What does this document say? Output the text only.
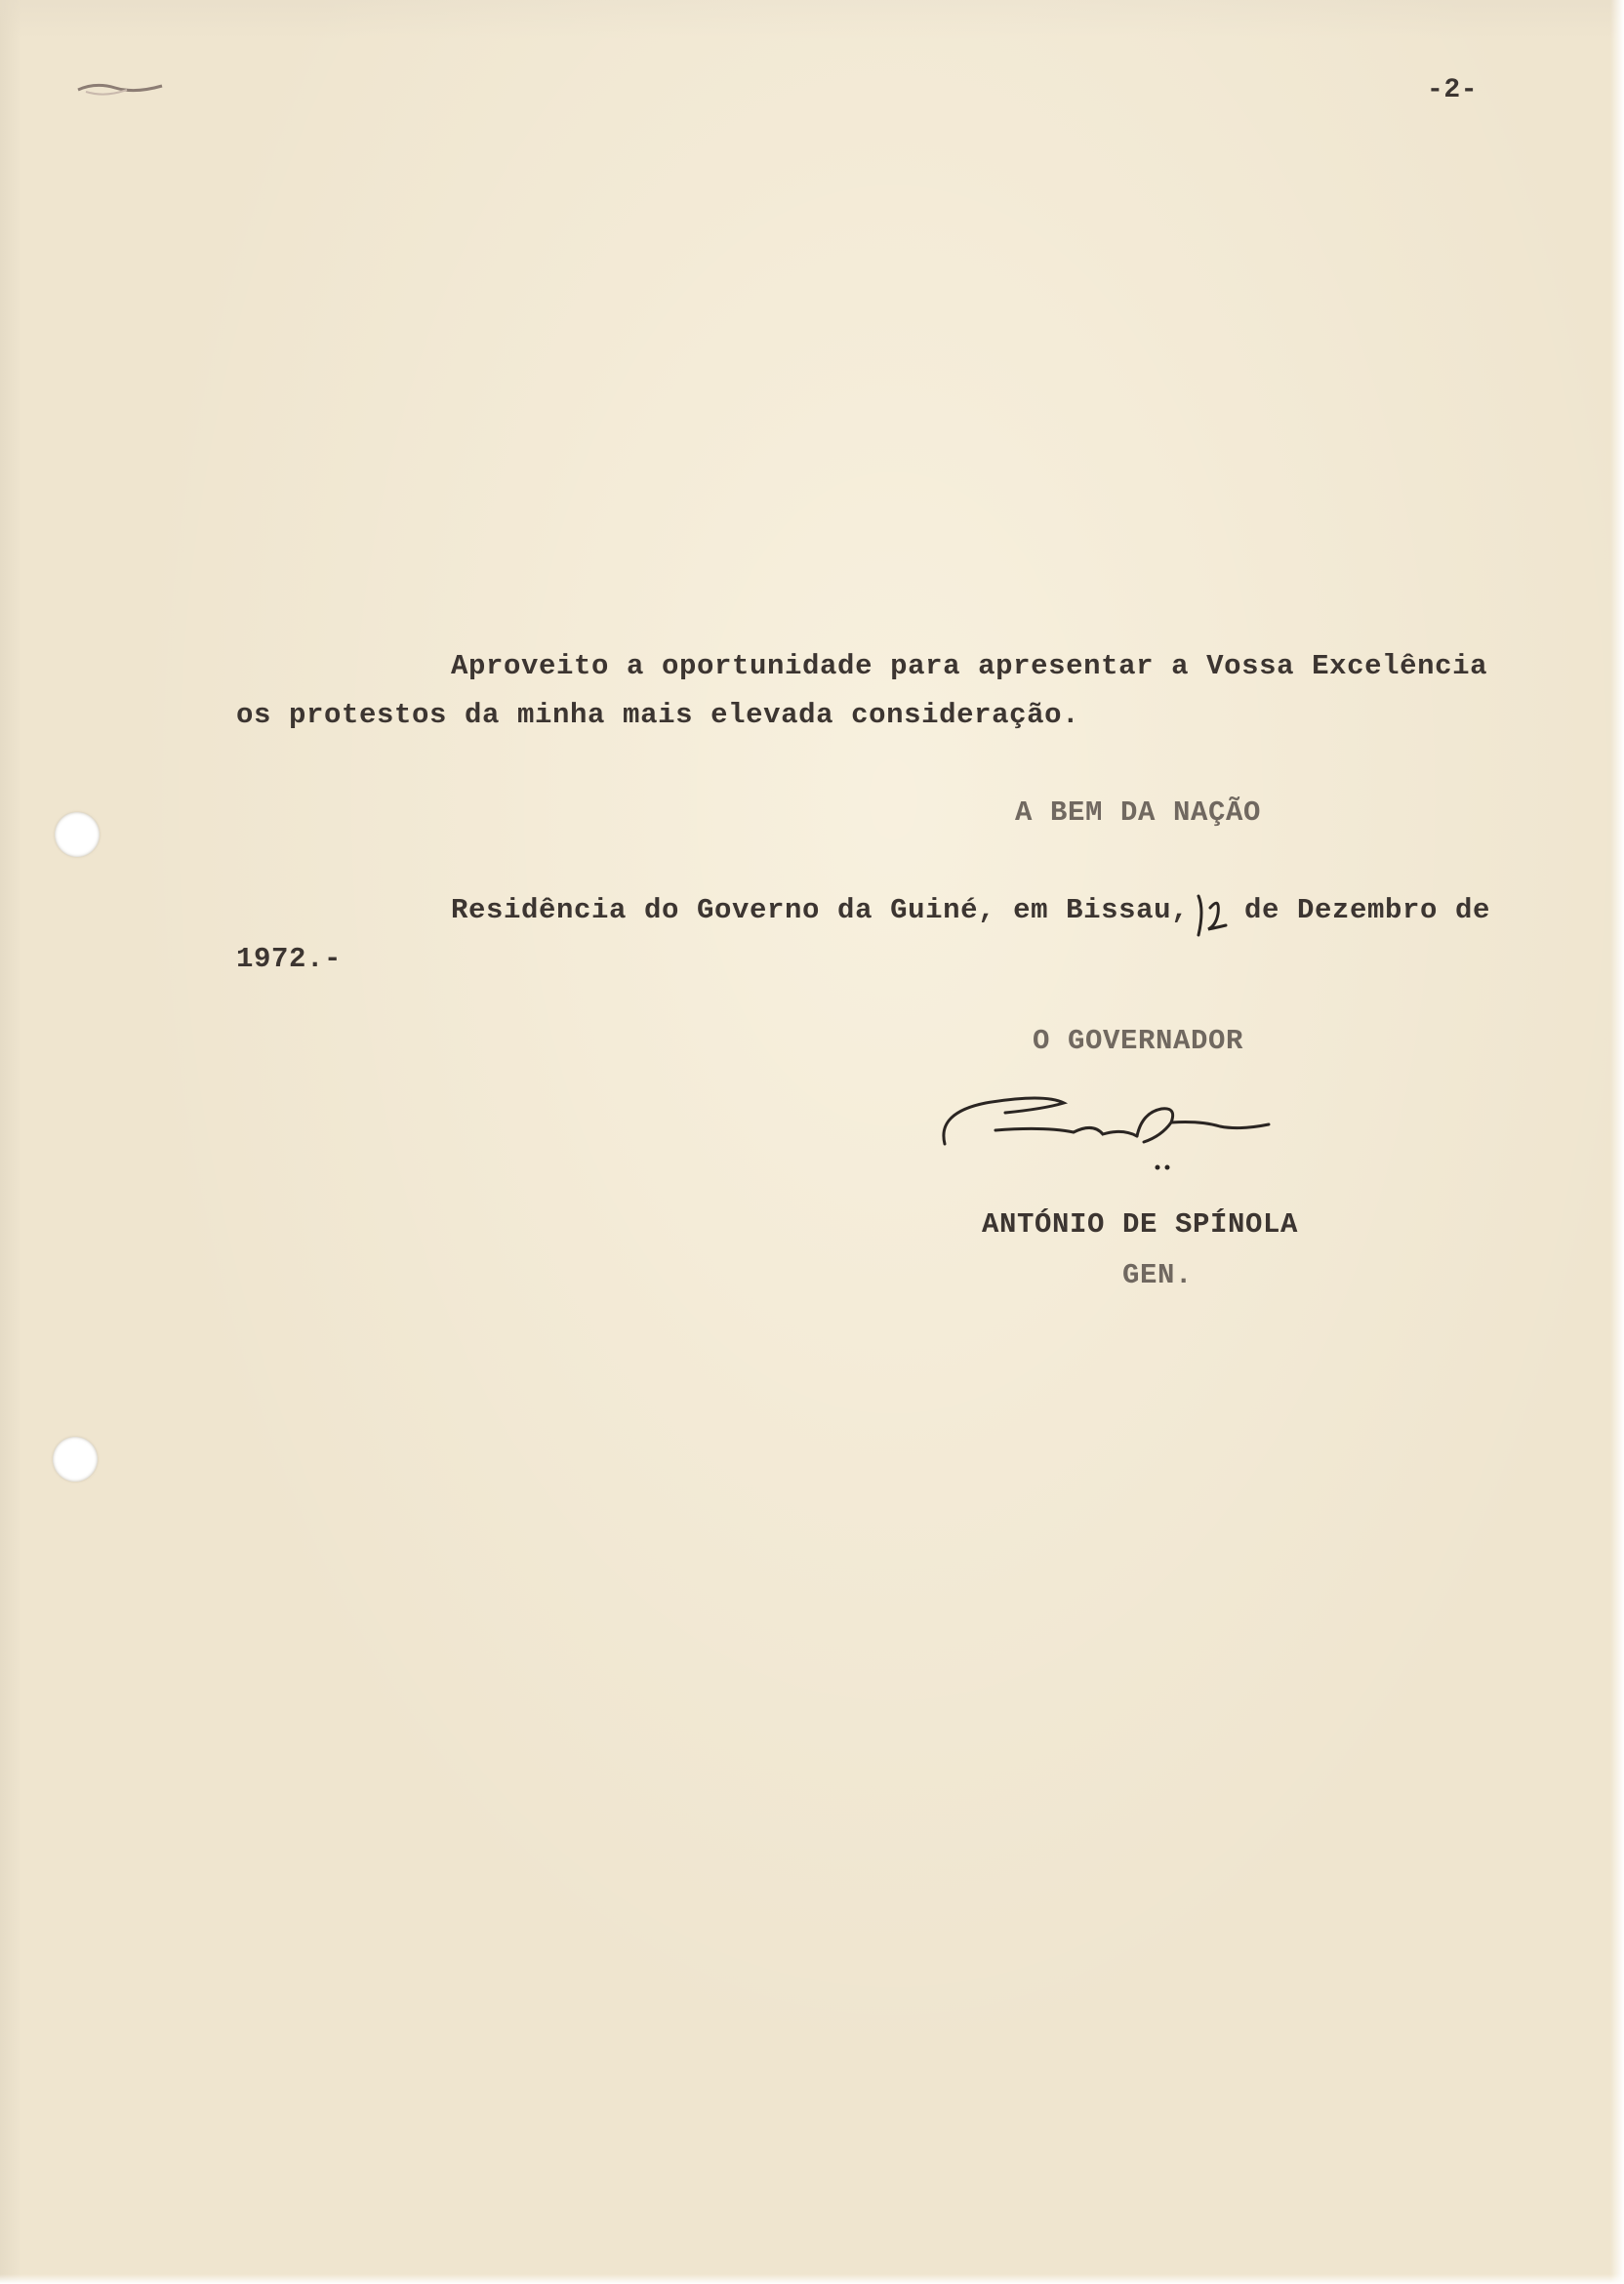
-2-
Aproveito a oportunidade para apresentar a Vossa Excelência
os protestos da minha mais elevada consideração.
A BEM DA NAÇÃO
Residência do Governo da Guiné, em Bissau, de Dezembro de
1972.-
O GOVERNADOR
ANTÓNIO DE SPÍNOLA
GEN.
